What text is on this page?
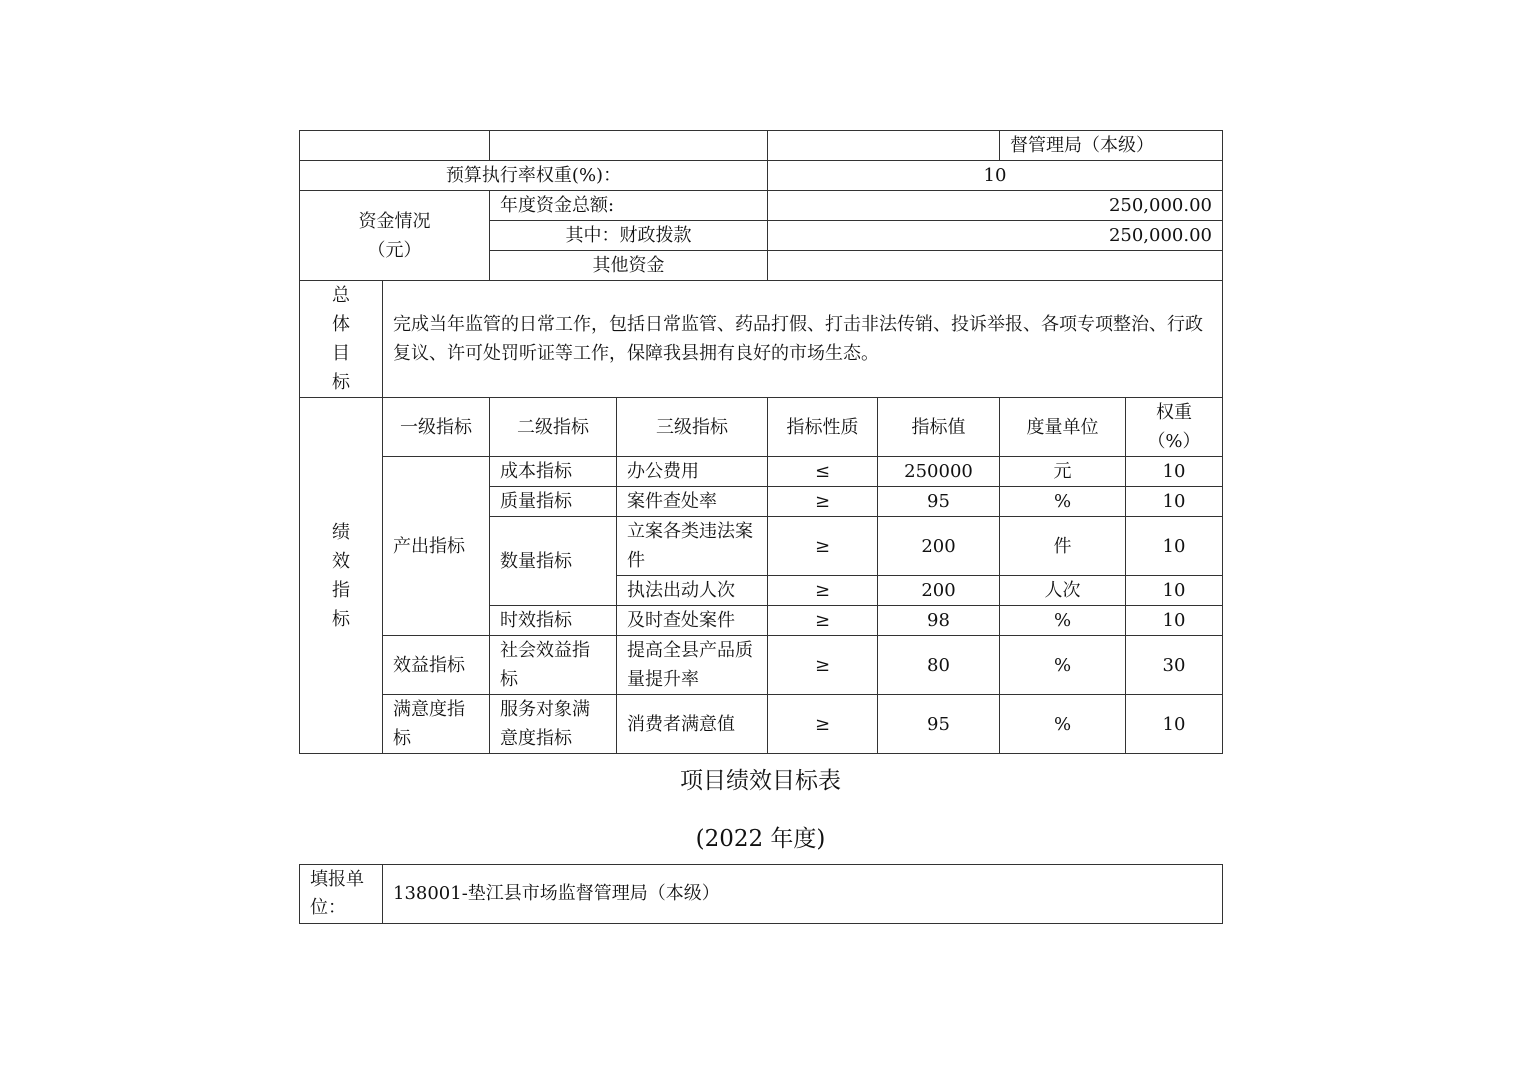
						督管理局（本级）	
预算执行率权重(%)：				10			

资金情况
（元）		年度资金总额:		250,000.00			
		其中：财政拨款		250,000.00			
		其他资金					

总
体
目
标	完成当年监管的日常工作，包括日常监管、药品打假、打击非法传销、投诉举报、各项专项整治、行政复议、许可处罚听证等工作，保障我县拥有良好的市场生态。						

绩
效
指
标	一级指标	二级指标	三级指标	指标性质	指标值	度量单位	权重（%）
	产出指标	成本指标	办公费用	≤	250000	元	10
		质量指标	案件查处率	≥	95	%	10
		数量指标	立案各类违法案件	≥	200	件	10
			执法出动人次	≥	200	人次	10
		时效指标	及时查处案件	≥	98	%	10
	效益指标	社会效益指标	提高全县产品质量提升率	≥	80	%	30
	满意度指标	服务对象满意度指标	消费者满意值	≥	95	%	10
项目绩效目标表
(2022 年度)
填报单位：	138001-垫江县市场监督管理局（本级）
